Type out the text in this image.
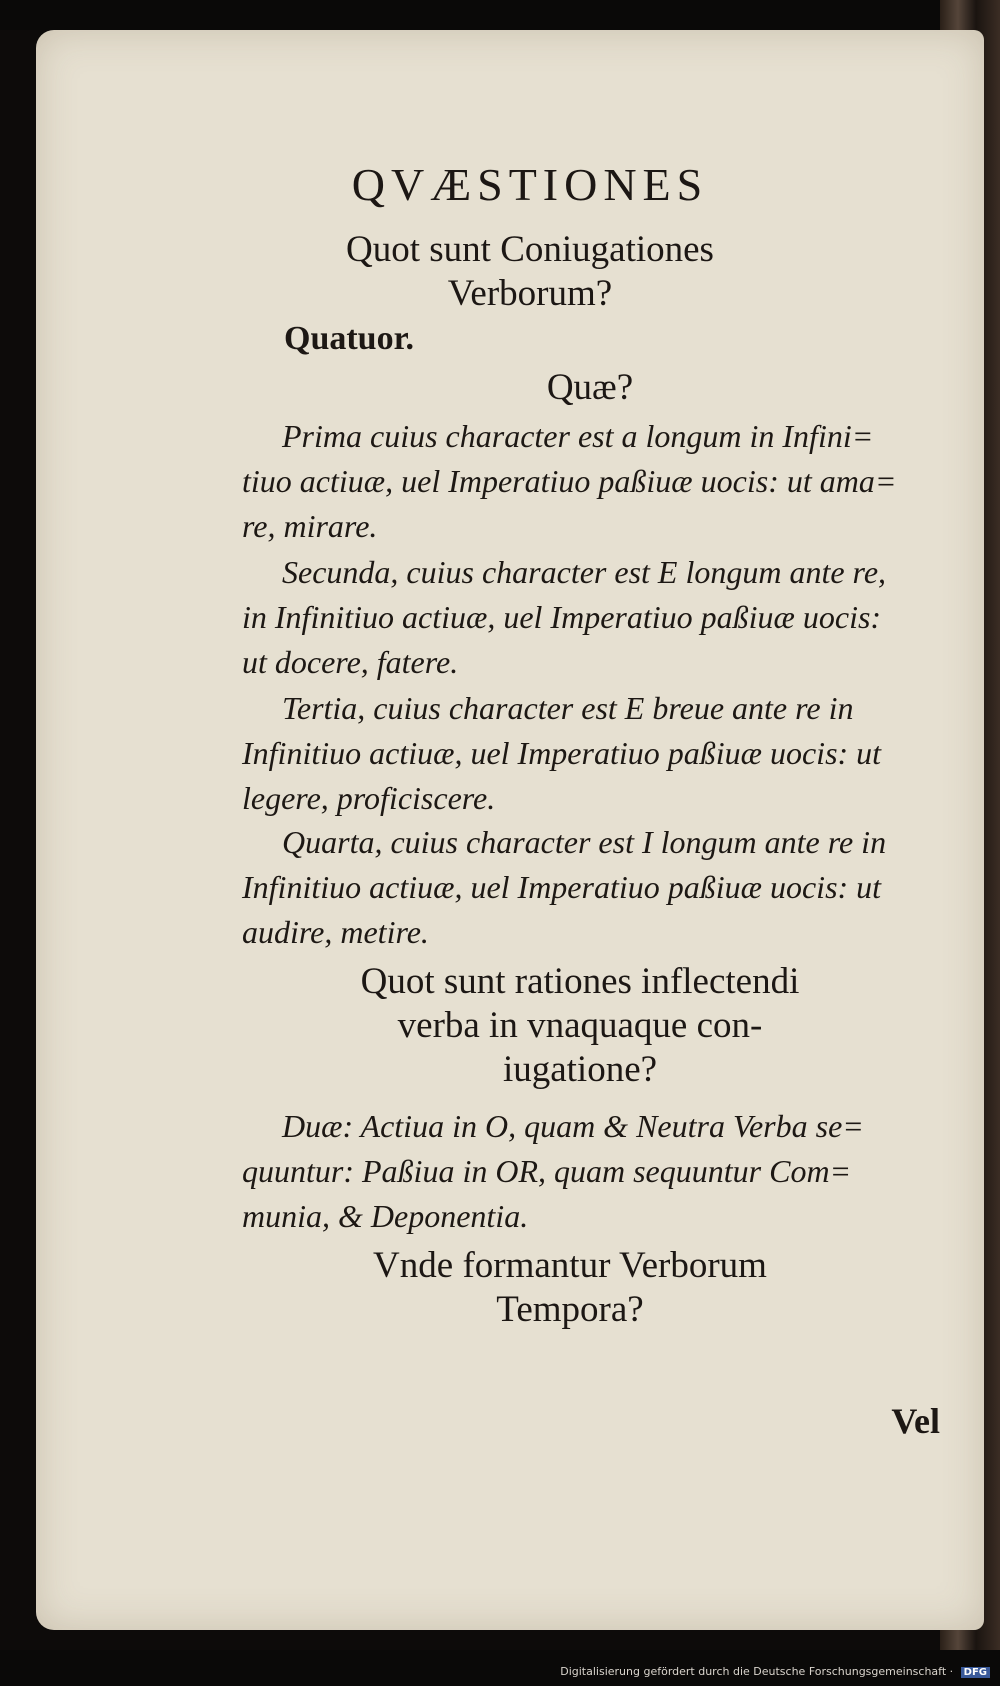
QVÆSTIONES
Quot sunt Coniugationes
Verborum?
Quatuor.
Quæ?
Prima cuius character est a longum in Infini=
tiuo actiuæ, uel Imperatiuo paßiuæ uocis: ut ama=
re, mirare.
Secunda, cuius character est E longum ante re,
in Infinitiuo actiuæ, uel Imperatiuo paßiuæ uocis:
ut docere, fatere.
Tertia, cuius character est E breue ante re in
Infinitiuo actiuæ, uel Imperatiuo paßiuæ uocis: ut
legere, proficiscere.
Quarta, cuius character est I longum ante re in
Infinitiuo actiuæ, uel Imperatiuo paßiuæ uocis: ut
audire, metire.
Quot sunt rationes inflectendi
verba in vnaquaque con-
iugatione?
Duæ: Actiua in O, quam & Neutra Verba se=
quuntur: Paßiua in OR, quam sequuntur Com=
munia, & Deponentia.
Vnde formantur Verborum
Tempora?
Vel
Digitalisierung gefördert durch die Deutsche Forschungsgemeinschaft · DFG
